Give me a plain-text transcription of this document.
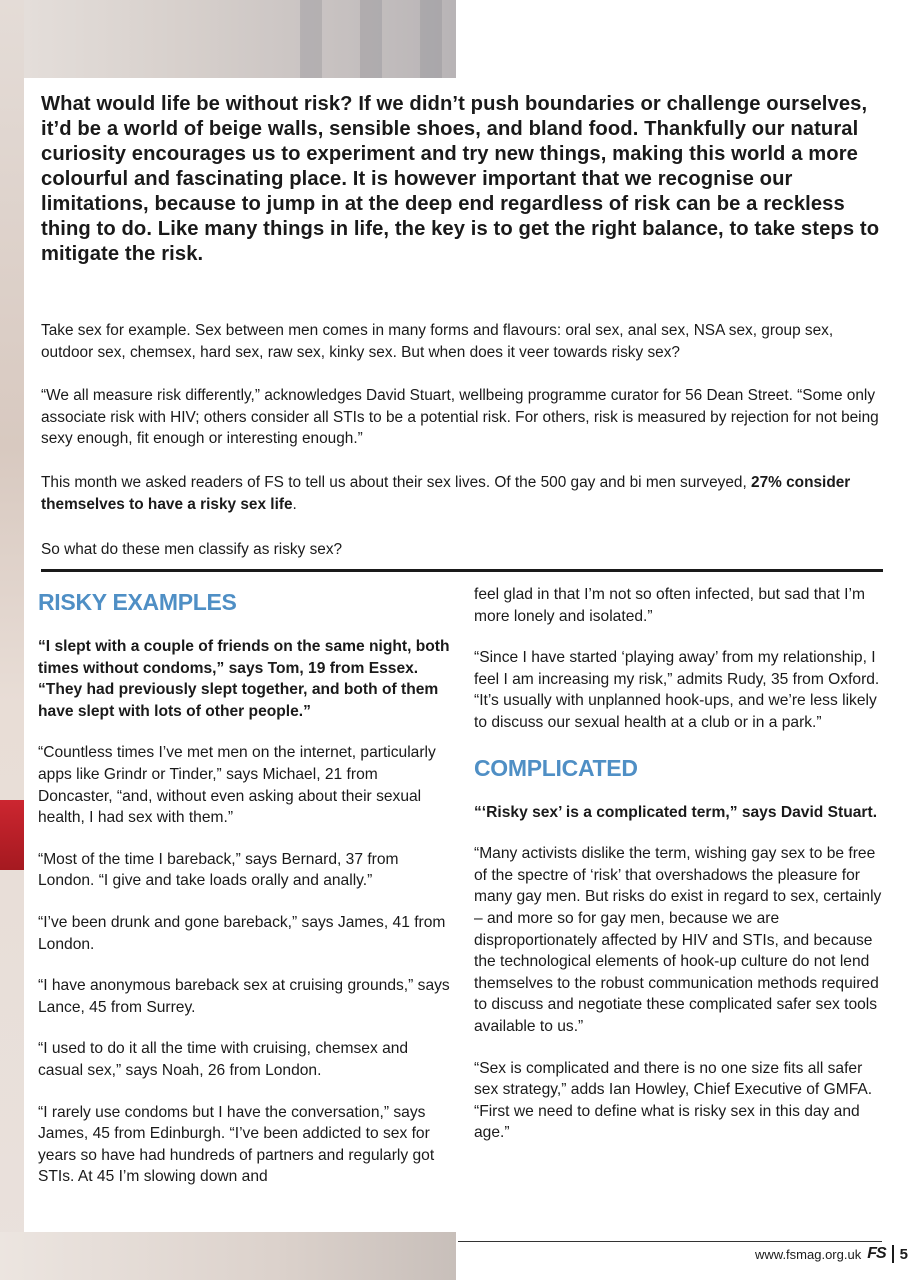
What would life be without risk? If we didn’t push boundaries or challenge ourselves, it’d be a world of beige walls, sensible shoes, and bland food. Thankfully our natural curiosity encourages us to experiment and try new things, making this world a more colourful and fascinating place. It is however important that we recognise our limitations, because to jump in at the deep end regardless of risk can be a reckless thing to do. Like many things in life, the key is to get the right balance, to take steps to mitigate the risk.

Take sex for example. Sex between men comes in many forms and flavours: oral sex, anal sex, NSA sex, group sex, outdoor sex, chemsex, hard sex, raw sex, kinky sex. But when does it veer towards risky sex?

“We all measure risk differently,” acknowledges David Stuart, wellbeing programme curator for 56 Dean Street. “Some only associate risk with HIV; others consider all STIs to be a potential risk. For others, risk is measured by rejection for not being sexy enough, fit enough or interesting enough.”

This month we asked readers of FS to tell us about their sex lives. Of the 500 gay and bi men surveyed, 27% consider themselves to have a risky sex life.

So what do these men classify as risky sex?

RISKY EXAMPLES

“I slept with a couple of friends on the same night, both times without condoms,” says Tom, 19 from Essex. “They had previously slept together, and both of them have slept with lots of other people.”

“Countless times I’ve met men on the internet, particularly apps like Grindr or Tinder,” says Michael, 21 from Doncaster, “and, without even asking about their sexual health, I had sex with them.”

“Most of the time I bareback,” says Bernard, 37 from London. “I give and take loads orally and anally.”

“I’ve been drunk and gone bareback,” says James, 41 from London.

“I have anonymous bareback sex at cruising grounds,” says Lance, 45 from Surrey.

“I used to do it all the time with cruising, chemsex and casual sex,” says Noah, 26 from London.

“I rarely use condoms but I have the conversation,” says James, 45 from Edinburgh. “I’ve been addicted to sex for years so have had hundreds of partners and regularly got STIs. At 45 I’m slowing down and

feel glad in that I’m not so often infected, but sad that I’m more lonely and isolated.”

“Since I have started ‘playing away’ from my relationship, I feel I am increasing my risk,” admits Rudy, 35 from Oxford. “It’s usually with unplanned hook-ups, and we’re less likely to discuss our sexual health at a club or in a park.”

COMPLICATED

“‘Risky sex’ is a complicated term,” says David Stuart.

“Many activists dislike the term, wishing gay sex to be free of the spectre of ‘risk’ that overshadows the pleasure for many gay men. But risks do exist in regard to sex, certainly – and more so for gay men, because we are disproportionately affected by HIV and STIs, and because the technological elements of hook-up culture do not lend themselves to the robust communication methods required to discuss and negotiate these complicated safer sex tools available to us.”

“Sex is complicated and there is no one size fits all safer sex strategy,” adds Ian Howley, Chief Executive of GMFA. “First we need to define what is risky sex in this day and age.”

www.fsmag.org.uk FS 5
